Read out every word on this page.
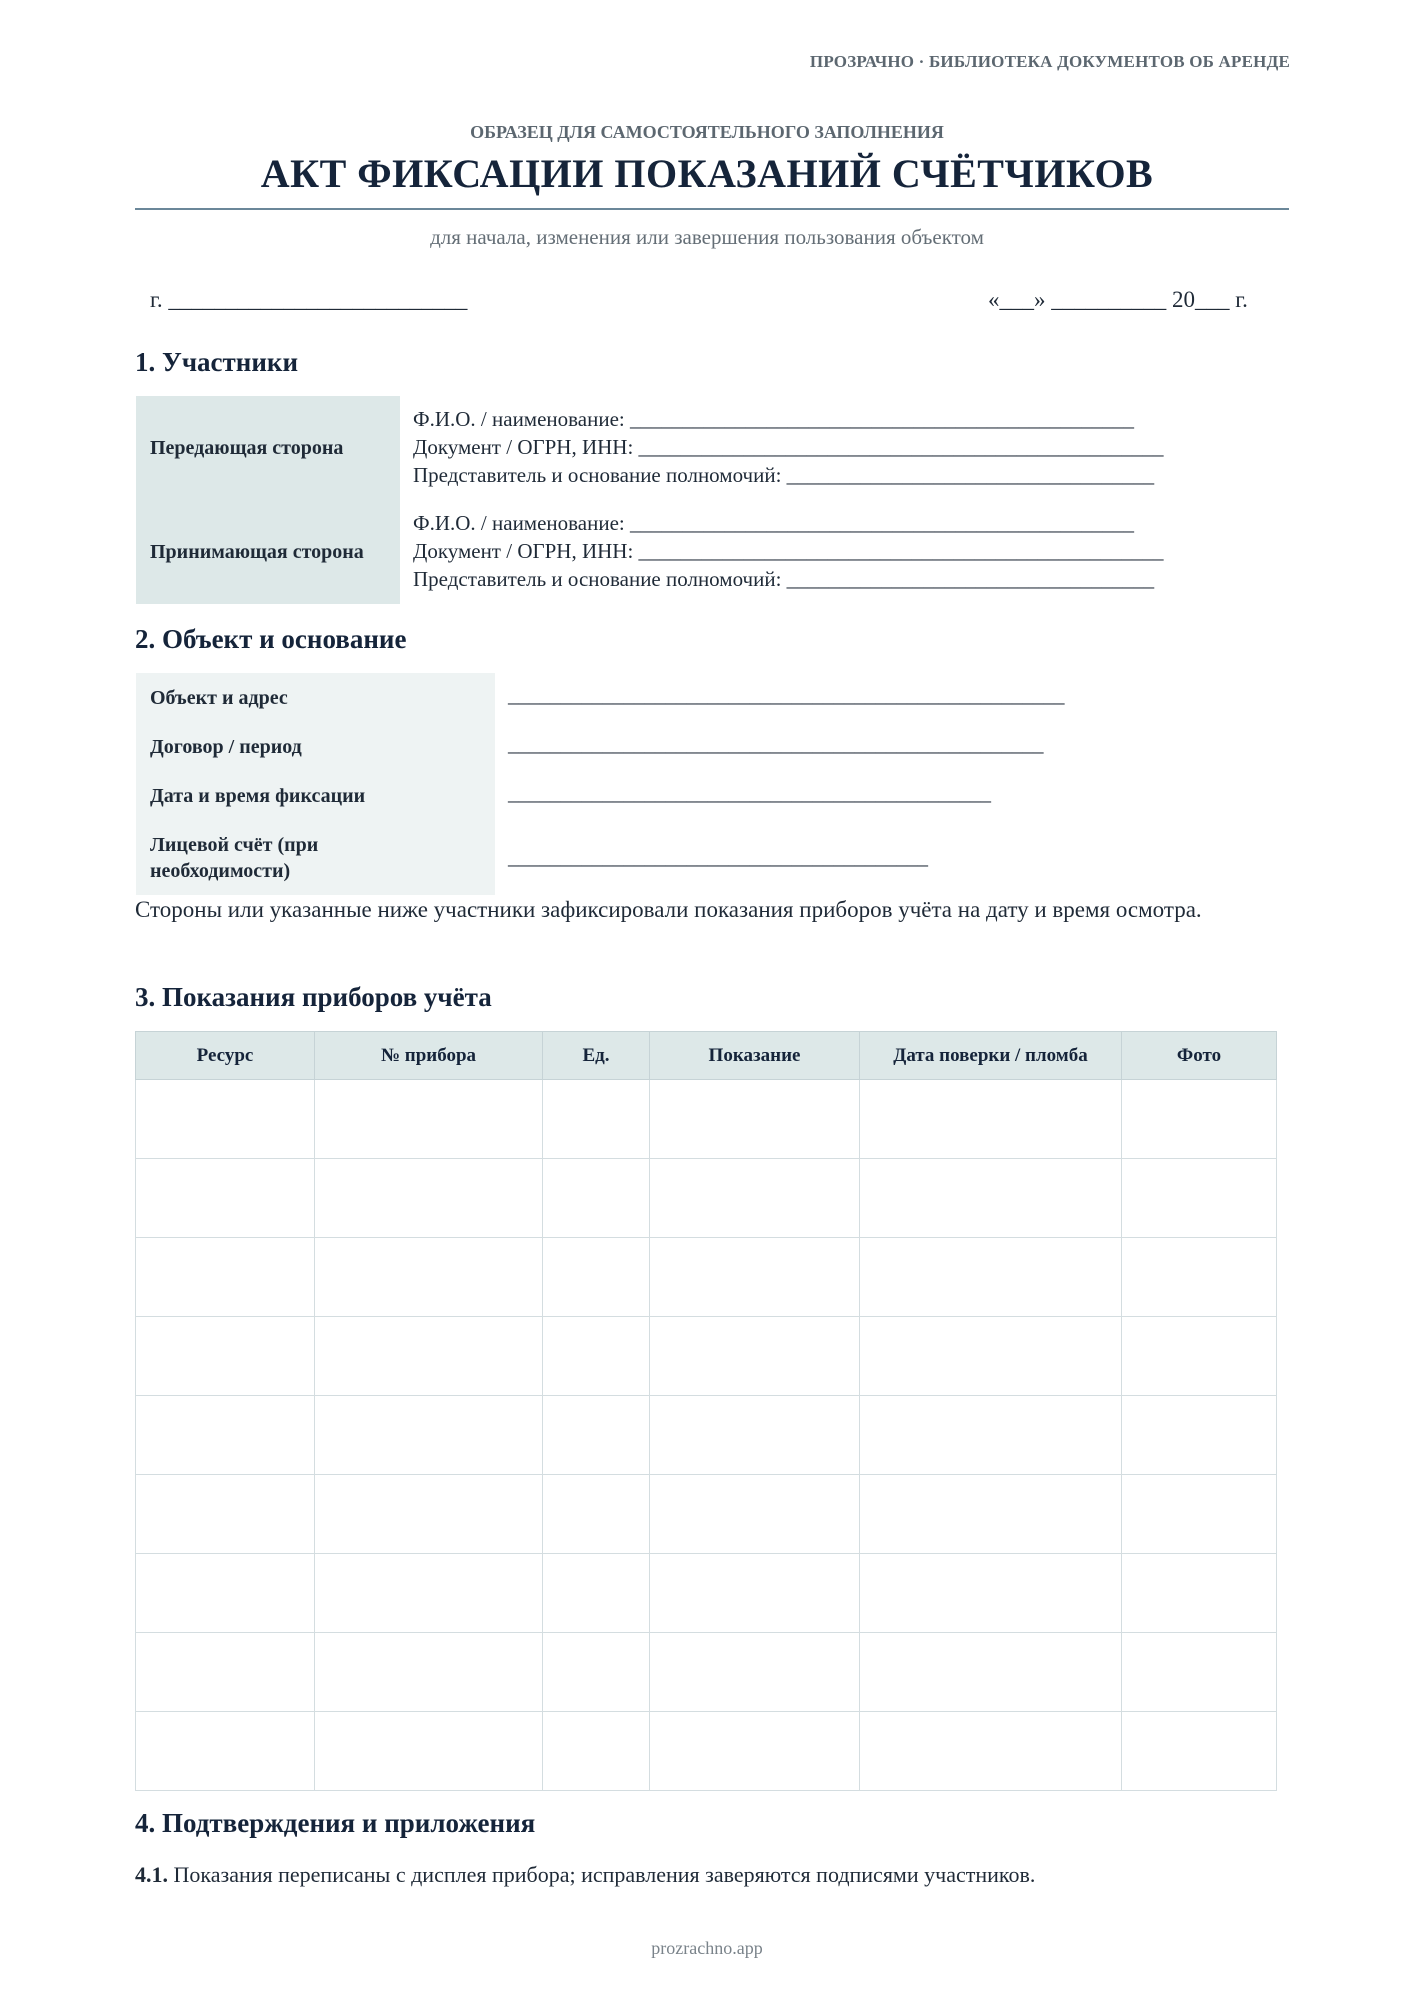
ПРОЗРАЧНО · БИБЛИОТЕКА ДОКУМЕНТОВ ОБ АРЕНДЕ
ОБРАЗЕЦ ДЛЯ САМОСТОЯТЕЛЬНОГО ЗАПОЛНЕНИЯ
АКТ ФИКСАЦИИ ПОКАЗАНИЙ СЧЁТЧИКОВ
для начала, изменения или завершения пользования объектом
г. __________________________	«___» __________ 20___ г.
1. Участники
Передающая сторона
Ф.И.О. / наименование: ________________________________________________
Документ / ОГРН, ИНН: __________________________________________________
Представитель и основание полномочий: ___________________________________
Принимающая сторона
Ф.И.О. / наименование: ________________________________________________
Документ / ОГРН, ИНН: __________________________________________________
Представитель и основание полномочий: ___________________________________
2. Объект и основание
Объект и адрес	_____________________________________________________
Договор / период	___________________________________________________
Дата и время фиксации	______________________________________________
Лицевой счёт (при необходимости)
________________________________________
Стороны или указанные ниже участники зафиксировали показания приборов учёта на дату и время осмотра.
3. Показания приборов учёта
Ресурс	№ прибора	Ед.	Показание	Дата поверки / пломба	Фото

4. Подтверждения и приложения
4.1. Показания переписаны с дисплея прибора; исправления заверяются подписями участников.
prozrachno.app
